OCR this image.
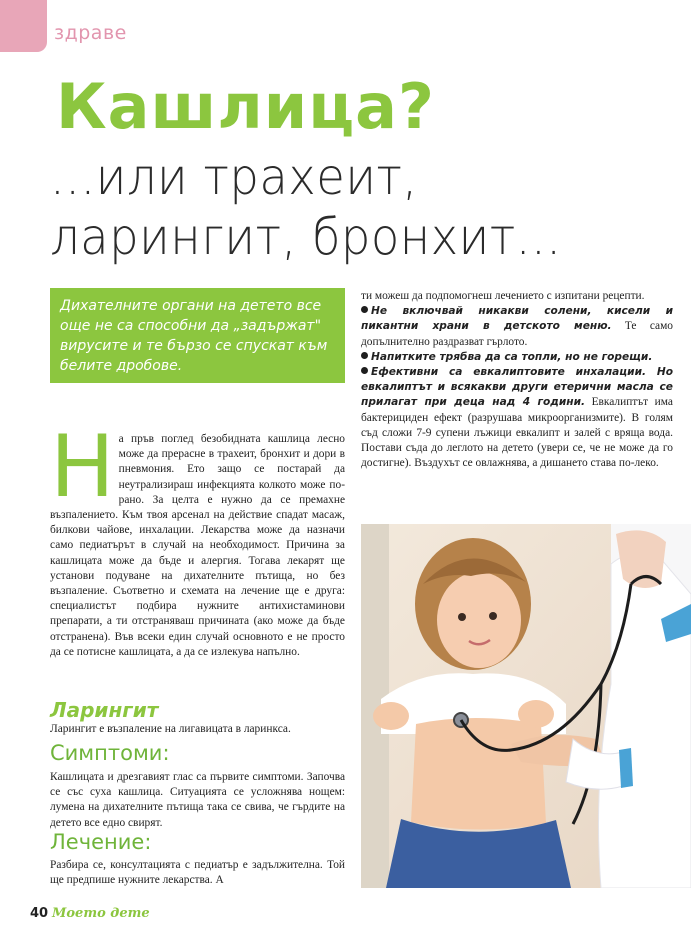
здраве
Кашлица?
...или трахеит,
ларингит, бронхит...

Дихателните органи на детето все още не са способни да „задържат" вирусите и те бързо се спускат към белите дробове.

Н а пръв поглед безобидната кашлица лесно може да прерасне в трахеит, бронхит и дори в пневмония. Ето защо се постарай да неутрализираш инфекцията колкото може по-рано. За целта е нужно да се премахне възпалението. Към твоя арсенал на действие спадат масаж, билкови чайове, инхалации. Лекарства може да назначи само педиатърът в случай на необходимост. Причина за кашлицата може да бъде и алергия. Тогава лекарят ще установи подуване на дихателните пътища, но без възпаление. Съответно и схемата на лечение ще е друга: специалистът подбира нужните антихистаминови препарати, а ти отстраняваш причината (ако може да бъде отстранена). Във всеки един случай основното е не просто да се потисне кашлицата, а да се излекува напълно.

Ларингит

Ларингит е възпаление на лигавицата в ларинкса.

Симптоми:

Кашлицата и дрезгавият глас са първите симптоми. Започва се със суха кашлица. Ситуацията се усложнява нощем: лумена на дихателните пътища така се свива, че гърдите на детето все едно свирят.

Лечение:

Разбира се, консултацията с педиатър е задължителна. Той ще предпише нужните лекарства. А

ти можеш да подпомогнеш лечението с изпитани рецепти.

Не включвай никакви солени, кисели и пикантни храни в детското меню. Те само допълнително раздразват гърлото.

Напитките трябва да са топли, но не горещи.

Ефективни са евкалиптовите инхалации. Но евкалиптът и всякакви други етерични масла се прилагат при деца над 4 години. Евкалиптът има бактерициден ефект (разрушава микроорганизмите). В голям съд сложи 7-9 супени лъжици евкалипт и залей с вряща вода. Постави съда до леглото на детето (увери се, че не може да го достигне). Въздухът се овлажнява, а дишането става по-леко.

40 Моето дете
